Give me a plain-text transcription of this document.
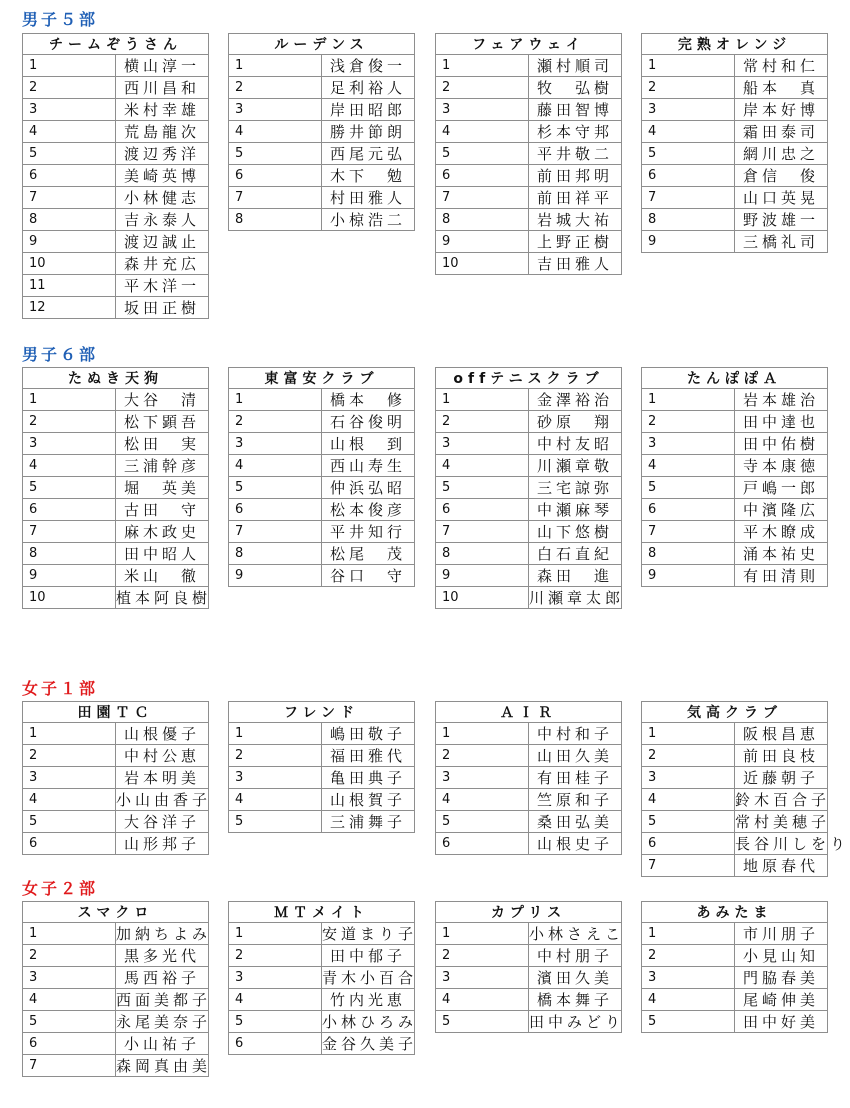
男子５部
チームぞうさん	
1	横山淳一
2	西川昌和
3	米村幸雄
4	荒島龍次
5	渡辺秀洋
6	美崎英博
7	小林健志
8	吉永泰人
9	渡辺誠止
10	森井充広
11	平木洋一
12	坂田正樹
ルーデンス	
1	浅倉俊一
2	足利裕人
3	岸田昭郎
4	勝井節朗
5	西尾元弘
6	木下　勉
7	村田雅人
8	小椋浩二
フェアウェイ	
1	瀬村順司
2	牧　弘樹
3	藤田智博
4	杉本守邦
5	平井敬二
6	前田邦明
7	前田祥平
8	岩城大祐
9	上野正樹
10	吉田雅人
完熟オレンジ	
1	常村和仁
2	船本　真
3	岸本好博
4	霜田泰司
5	網川忠之
6	倉信　俊
7	山口英晃
8	野波雄一
9	三橋礼司
男子６部
たぬき天狗	
1	大谷　清
2	松下顕吾
3	松田　実
4	三浦幹彦
5	堀　英美
6	古田　守
7	麻木政史
8	田中昭人
9	米山　徹
10	植本阿良樹
東富安クラブ	
1	橋本　修
2	石谷俊明
3	山根　到
4	西山寿生
5	仲浜弘昭
6	松本俊彦
7	平井知行
8	松尾　茂
9	谷口　守
offテニスクラブ	
1	金澤裕治
2	砂原　翔
3	中村友昭
4	川瀬章敬
5	三宅諒弥
6	中瀬麻琴
7	山下悠樹
8	白石直紀
9	森田　進
10	川瀬章太郎
たんぽぽＡ	
1	岩本雄治
2	田中達也
3	田中佑樹
4	寺本康徳
5	戸嶋一郎
6	中濱隆広
7	平木瞭成
8	涌本祐史
9	有田清則
女子１部
田園ＴＣ	
1	山根優子
2	中村公恵
3	岩本明美
4	小山由香子
5	大谷洋子
6	山形邦子
フレンド	
1	嶋田敬子
2	福田雅代
3	亀田典子
4	山根賀子
5	三浦舞子
ＡＩＲ	
1	中村和子
2	山田久美
3	有田桂子
4	竺原和子
5	桑田弘美
6	山根史子
気高クラブ	
1	阪根昌恵
2	前田良枝
3	近藤朝子
4	鈴木百合子
5	常村美穂子
6	長谷川しをり
7	地原春代
女子２部
スマクロ	
1	加納ちよみ
2	黒多光代
3	馬西裕子
4	西面美都子
5	永尾美奈子
6	小山祐子
7	森岡真由美
ＭＴメイト	
1	安道まり子
2	田中郁子
3	青木小百合
4	竹内光恵
5	小林ひろみ
6	金谷久美子
カプリス	
1	小林さえこ
2	中村朋子
3	濱田久美
4	橋本舞子
5	田中みどり
あみたま	
1	市川朋子
2	小見山知
3	門脇春美
4	尾崎伸美
5	田中好美
